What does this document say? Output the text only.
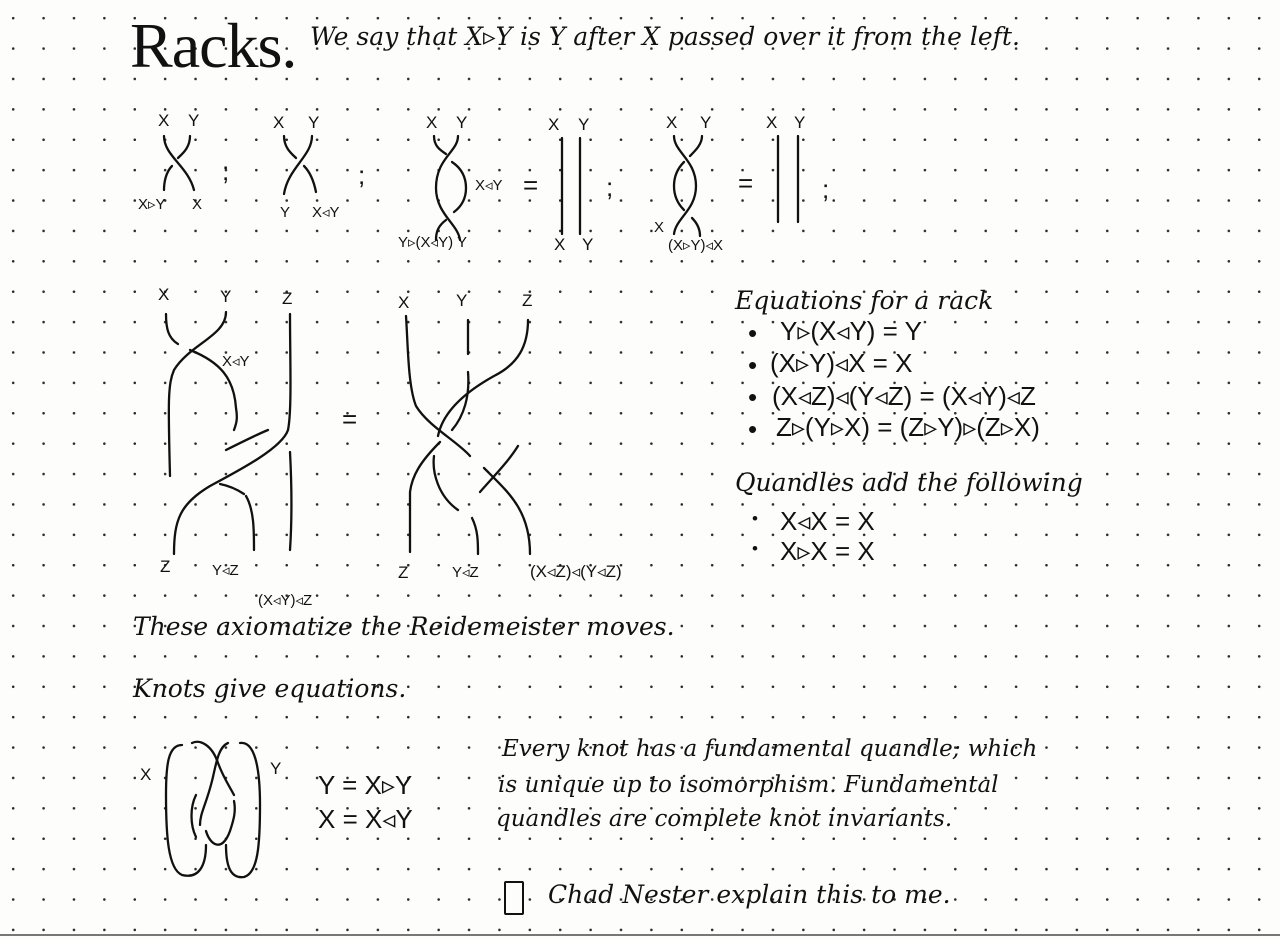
Racks. We say that X▹Y is Y after X passed over it from the left.
X Y
X▹Y X
;
X Y
Y X◃Y
;
X Y
X◃Y =
Y▹(X◃Y) Y
X Y
X Y
;
X Y
X
(X▹Y)◃X
=
X Y
;
X	Y	Z
X◃Y
=
Z	Y◃Z
(X◃Y)◃Z
X	Y	Z
Z	Y◃Z	(X◃Z)◃(Y◃Z)
Equations for a rack
• Y▹(X◃Y) = Y
• (X▹Y)◃X = X
• (X◃Z)◃(Y◃Z) = (X◃Y)◃Z
• Z▹(Y▹X) = (Z▹Y)▹(Z▹X)
Quandles add the following
• X◃X = X
• X▹X = X
These axiomatize the Reidemeister moves.
Knots give equations.
X	Y
Y = X▹Y
X = X◃Y
Every knot has a fundamental quandle; which
is unique up to isomorphism. Fundamental
quandles are complete knot invariants.
Chad Nester explain this to me.
